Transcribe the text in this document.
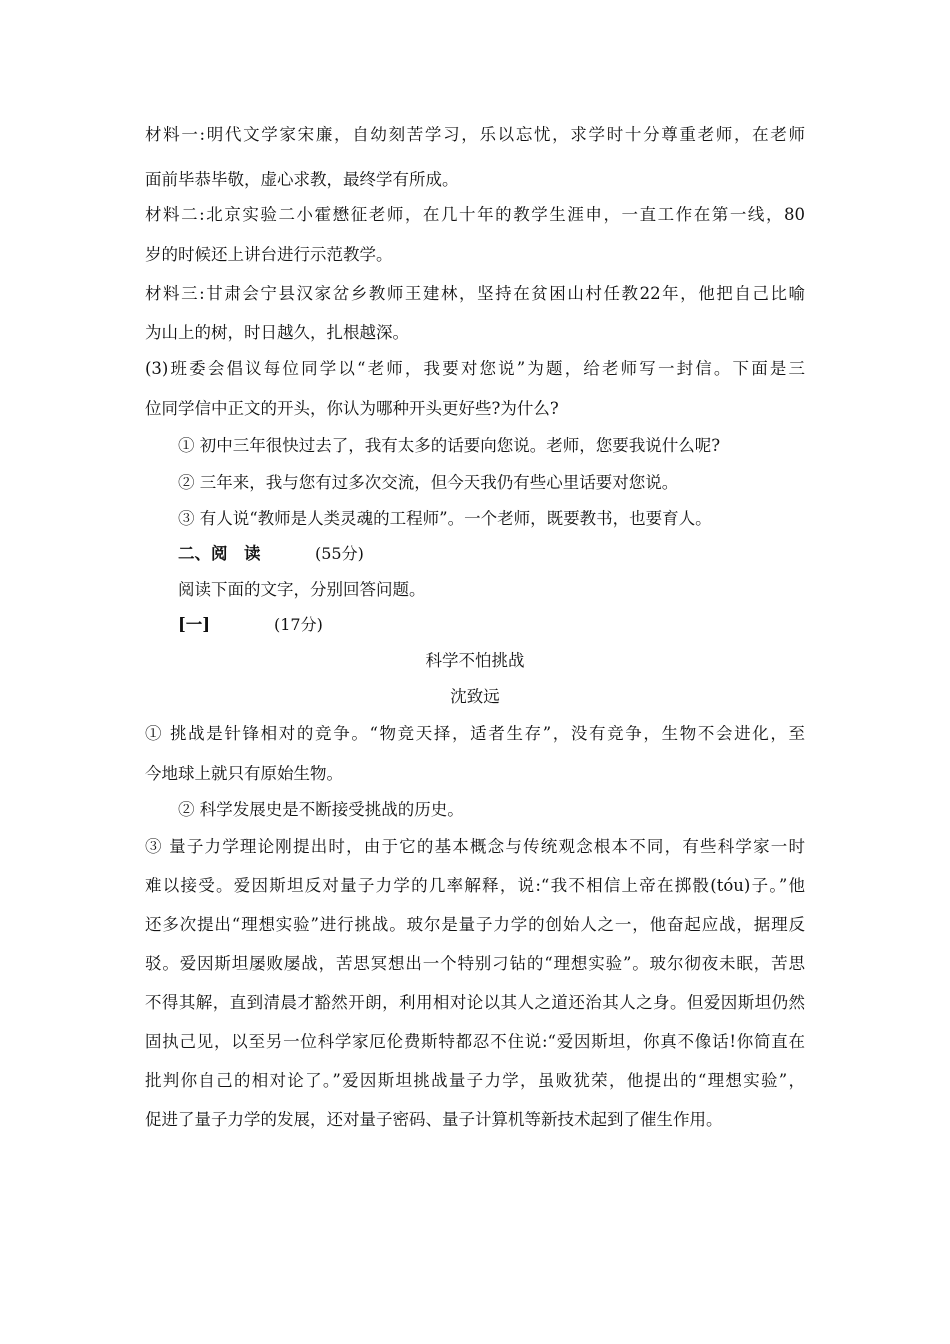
材料一:明代文学家宋廉，自幼刻苦学习，乐以忘忧，求学时十分尊重老师，在老师
面前毕恭毕敬，虚心求教，最终学有所成。
材料二:北京实验二小霍懋征老师，在几十年的教学生涯申，一直工作在第一线，80
岁的时候还上讲台进行示范教学。
材料三:甘肃会宁县汉家岔乡教师王建林，坚持在贫困山村任教22年，他把自己比喻
为山上的树，时日越久，扎根越深。
(3)班委会倡议每位同学以“老师，我要对您说”为题，给老师写一封信。下面是三
位同学信中正文的开头，你认为哪种开头更好些?为什么?
① 初中三年很快过去了，我有太多的话要向您说。老师，您要我说什么呢?
② 三年来，我与您有过多次交流，但今天我仍有些心里话要对您说。
③ 有人说“教师是人类灵魂的工程师”。一个老师，既要教书，也要育人。
二、阅　读	(55分)
阅读下面的文字，分别回答问题。
[一]	(17分)
科学不怕挑战
沈致远
① 挑战是针锋相对的竞争。“物竞天择，适者生存”，没有竞争，生物不会进化，至
今地球上就只有原始生物。
② 科学发展史是不断接受挑战的历史。
③ 量子力学理论刚提出时，由于它的基本概念与传统观念根本不同，有些科学家一时
难以接受。爱因斯坦反对量子力学的几率解释，说:“我不相信上帝在掷骰(tóu)子。”他
还多次提出“理想实验”进行挑战。玻尔是量子力学的创始人之一，他奋起应战，据理反
驳。爱因斯坦屡败屡战，苦思冥想出一个特别刁钻的“理想实验”。玻尔彻夜未眠，苦思
不得其解，直到清晨才豁然开朗，利用相对论以其人之道还治其人之身。但爱因斯坦仍然
固执己见，以至另一位科学家厄伦费斯特都忍不住说:“爱因斯坦，你真不像话!你简直在
批判你自己的相对论了。”爱因斯坦挑战量子力学，虽败犹荣，他提出的“理想实验”，
促进了量子力学的发展，还对量子密码、量子计算机等新技术起到了催生作用。
